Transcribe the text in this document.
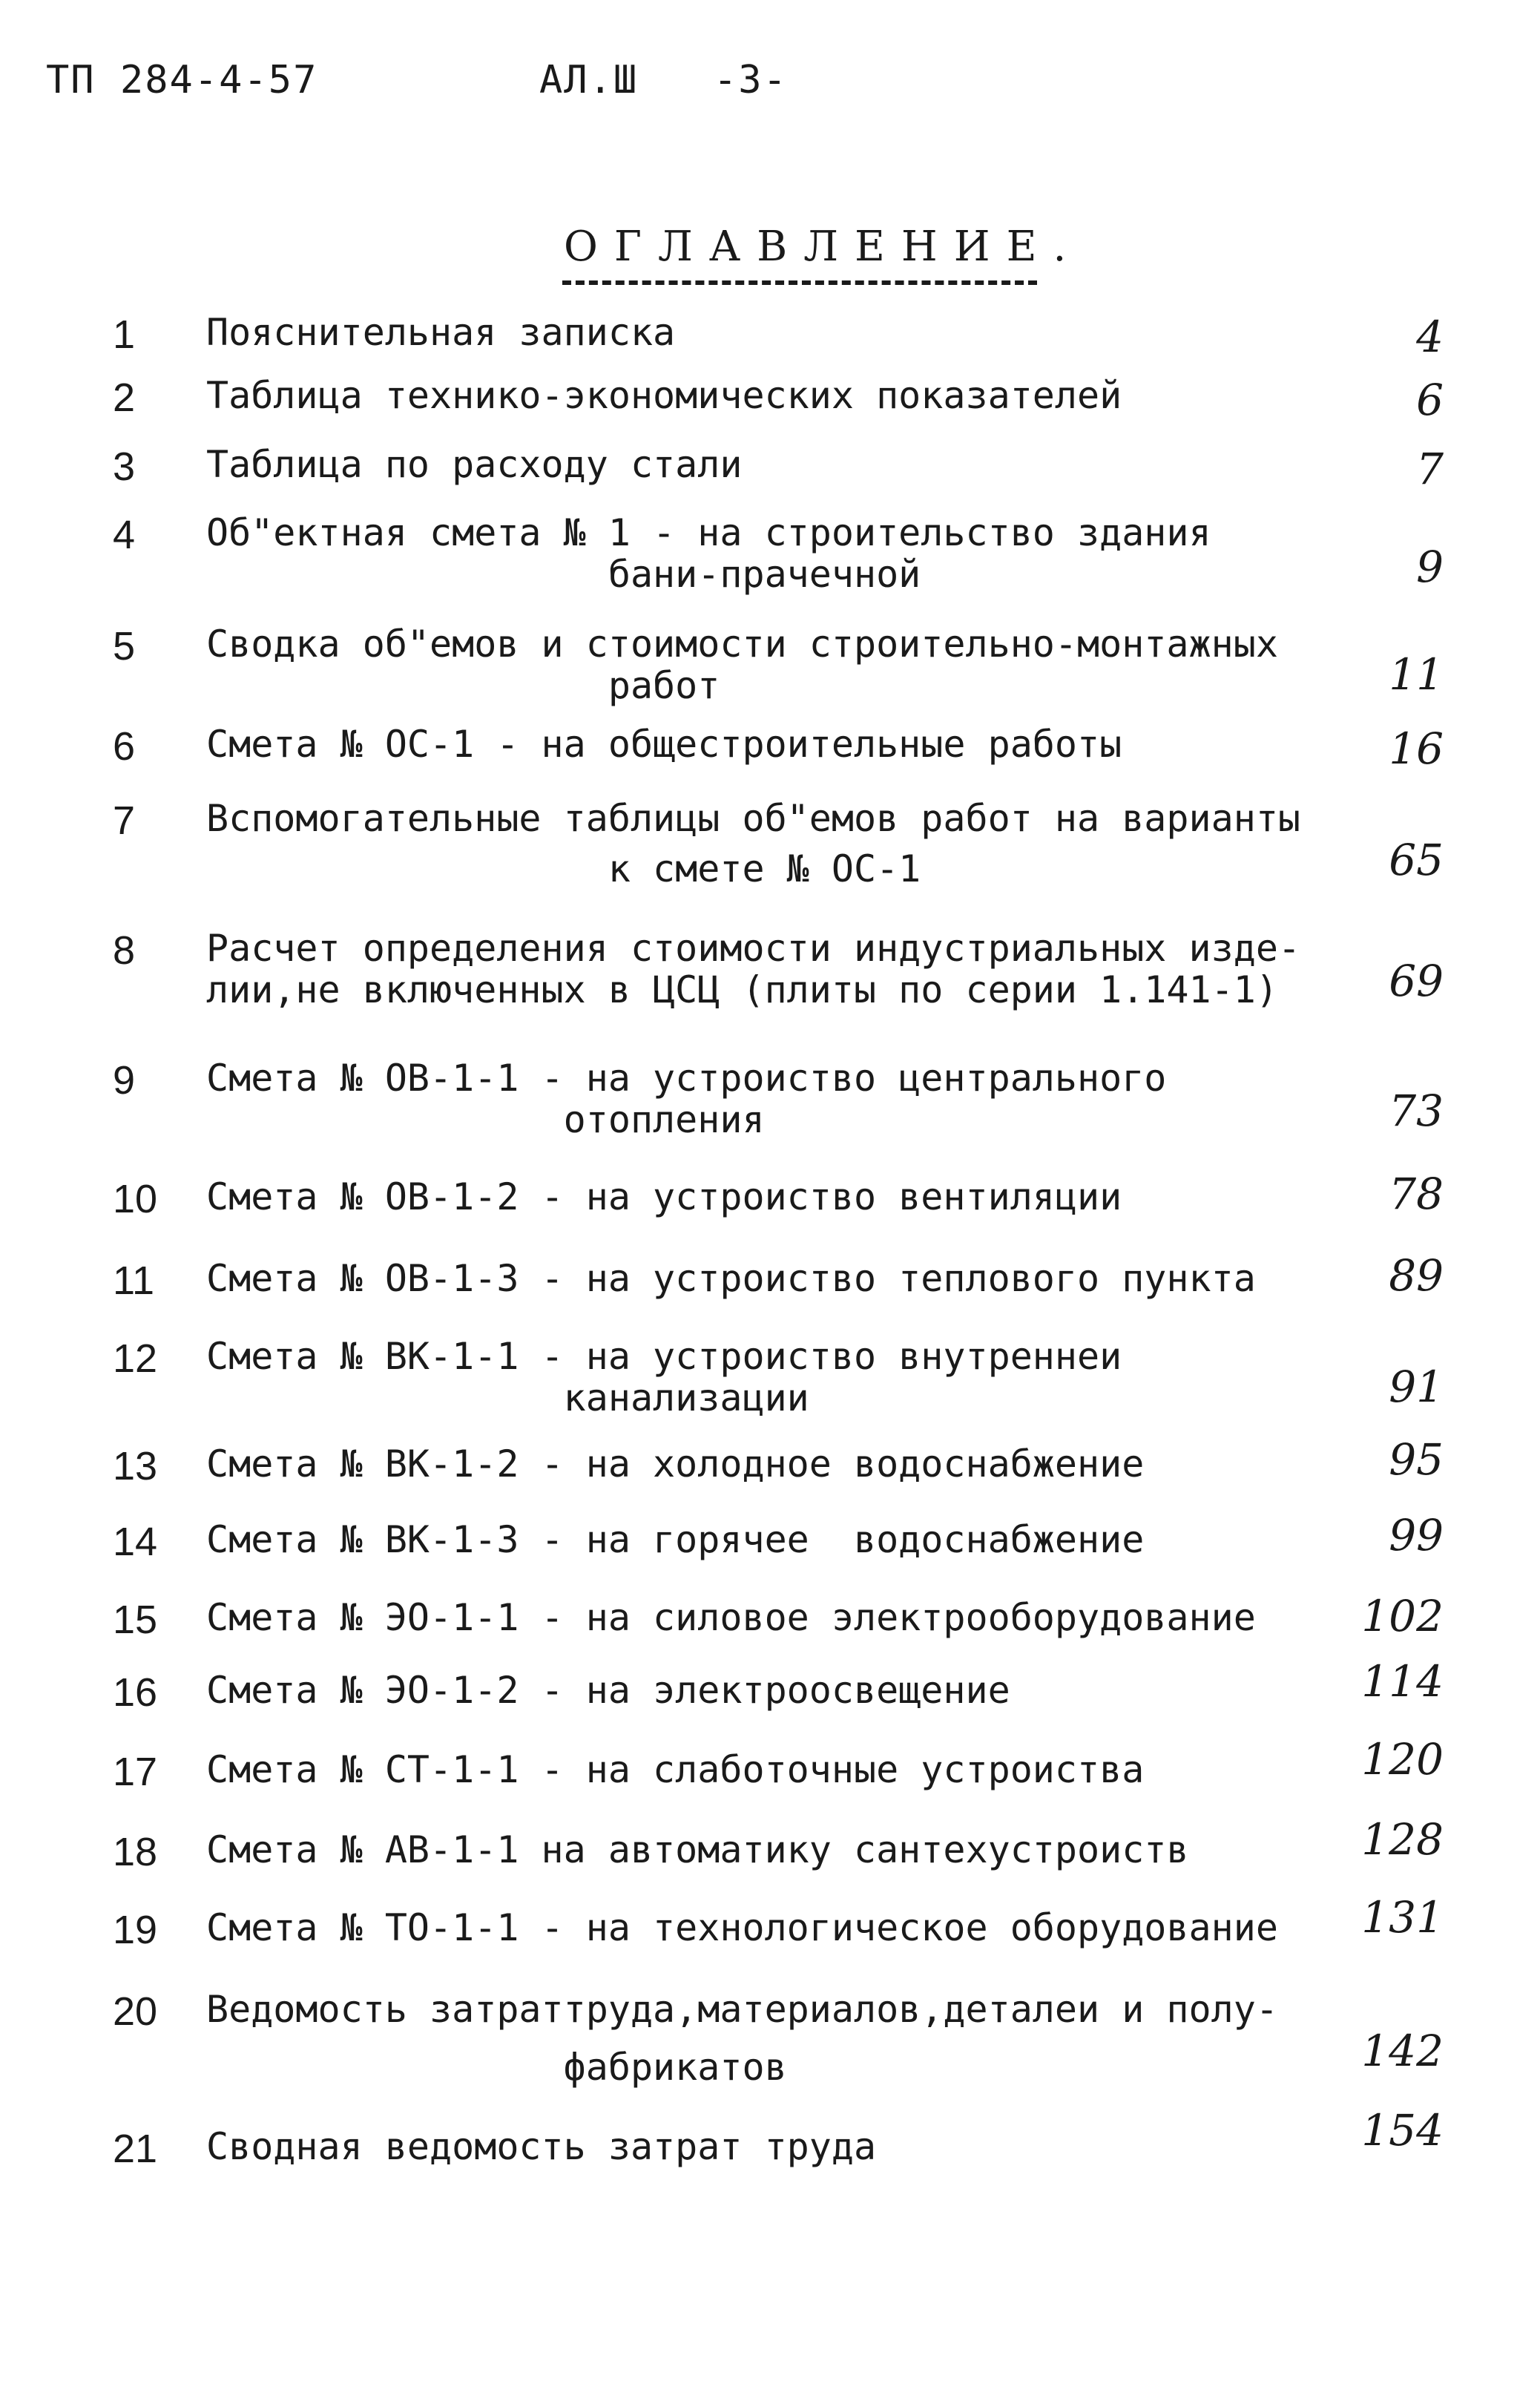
ТП 284-4-57	АЛ.Ш -3-
ОГЛАВЛЕНИЕ.
1 Пояснительная записка	4
2 Таблица технико-экономических показателей	6
3 Таблица по расходу стали	7
4 Об"ектная смета № 1 - на строительство здания
бани-прачечной	9
5 Сводка об"емов и стоимости строительно-монтажных
работ	11
6 Смета № ОС-1 - на общестроительные работы	16
7 Вспомогательные таблицы об"емов работ на варианты
к смете № ОС-1	65
8 Расчет определения стоимости индустриальных изде-
лии,не включенных в ЦСЦ (плиты по серии 1.141-1)	69
9 Смета № ОВ-1-1 - на устроиство центрального
отопления	73
10 Смета № ОВ-1-2 - на устроиство вентиляции	78
11 Смета № ОВ-1-3 - на устроиство теплового пункта	89
12 Смета № ВК-1-1 - на устроиство внутреннеи
канализации	91
13 Смета № ВК-1-2 - на холодное водоснабжение	95
14 Смета № ВК-1-3 - на горячее  водоснабжение	99
15 Смета № ЭО-1-1 - на силовое электрооборудование 102
16 Смета № ЭО-1-2 - на электроосвещение	114
17 Смета № СТ-1-1 - на слаботочные устроиства	120
18 Смета № АВ-1-1 на автоматику сантехустроиств	128
19 Смета № ТО-1-1 - на технологическое оборудование 131
20 Ведомость затраттруда,материалов,деталеи и полу-
фабрикатов	142
21 Сводная ведомость затрат труда	154
